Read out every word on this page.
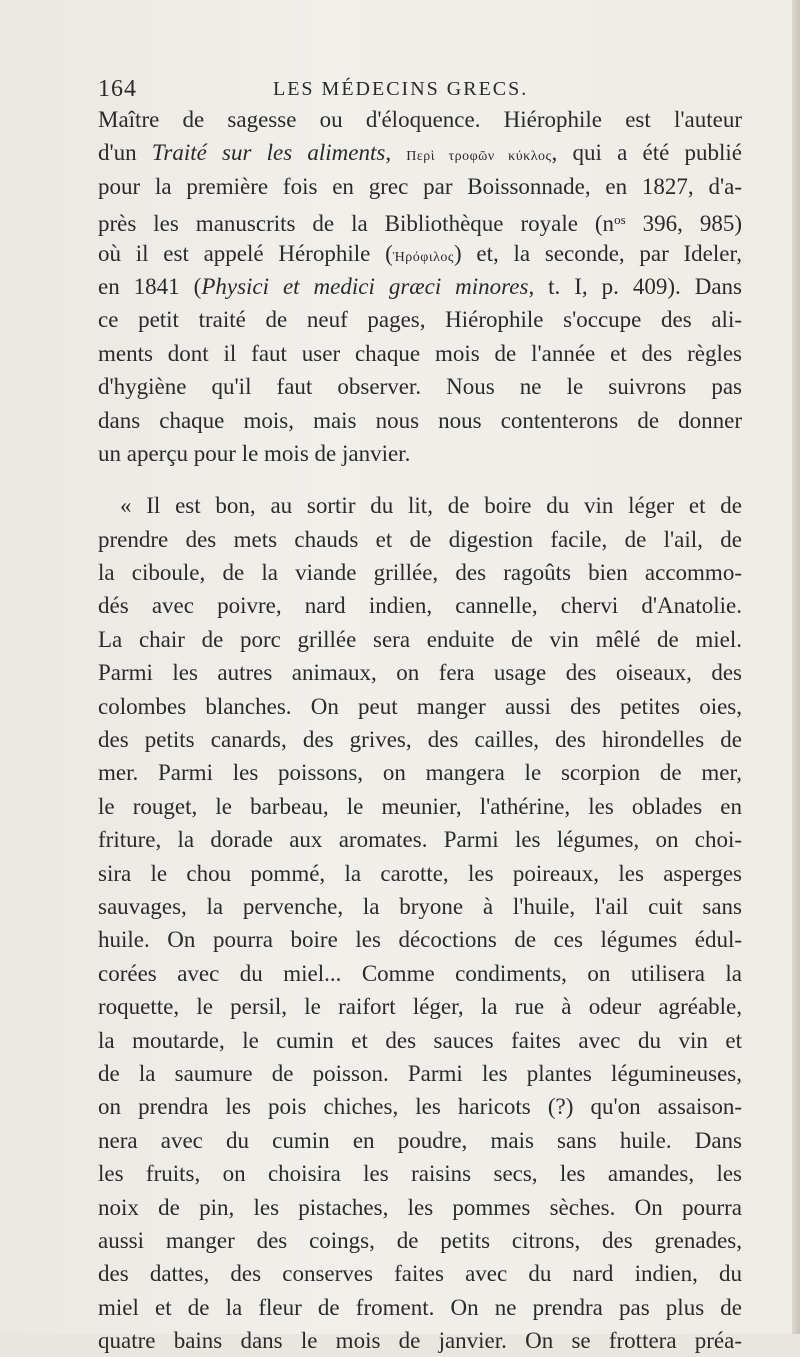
164	LES MÉDECINS GRECS.
Maître de sagesse ou d'éloquence. Hiérophile est l'auteur
d'un Traité sur les aliments, Περὶ τροφῶν κύκλος, qui a été publié
pour la première fois en grec par Boissonnade, en 1827, d'a-
près les manuscrits de la Bibliothèque royale ($n^{os}$ 396, 985)
où il est appelé Hérophile (Ἡρόφιλος) et, la seconde, par Ideler,
en 1841 (Physici et medici græci minores, t. I, p. 409). Dans
ce petit traité de neuf pages, Hiérophile s'occupe des ali-
ments dont il faut user chaque mois de l'année et des règles
d'hygiène qu'il faut observer. Nous ne le suivrons pas
dans chaque mois, mais nous nous contenterons de donner
un aperçu pour le mois de janvier.
« Il est bon, au sortir du lit, de boire du vin léger et de
prendre des mets chauds et de digestion facile, de l'ail, de
la ciboule, de la viande grillée, des ragoûts bien accommo-
dés avec poivre, nard indien, cannelle, chervi d'Anatolie.
La chair de porc grillée sera enduite de vin mêlé de miel.
Parmi les autres animaux, on fera usage des oiseaux, des
colombes blanches. On peut manger aussi des petites oies,
des petits canards, des grives, des cailles, des hirondelles de
mer. Parmi les poissons, on mangera le scorpion de mer,
le rouget, le barbeau, le meunier, l'athérine, les oblades en
friture, la dorade aux aromates. Parmi les légumes, on choi-
sira le chou pommé, la carotte, les poireaux, les asperges
sauvages, la pervenche, la bryone à l'huile, l'ail cuit sans
huile. On pourra boire les décoctions de ces légumes édul-
corées avec du miel... Comme condiments, on utilisera la
roquette, le persil, le raifort léger, la rue à odeur agréable,
la moutarde, le cumin et des sauces faites avec du vin et
de la saumure de poisson. Parmi les plantes légumineuses,
on prendra les pois chiches, les haricots (?) qu'on assaison-
nera avec du cumin en poudre, mais sans huile. Dans
les fruits, on choisira les raisins secs, les amandes, les
noix de pin, les pistaches, les pommes sèches. On pourra
aussi manger des coings, de petits citrons, des grenades,
des dattes, des conserves faites avec du nard indien, du
miel et de la fleur de froment. On ne prendra pas plus de
quatre bains dans le mois de janvier. On se frottera préa-
